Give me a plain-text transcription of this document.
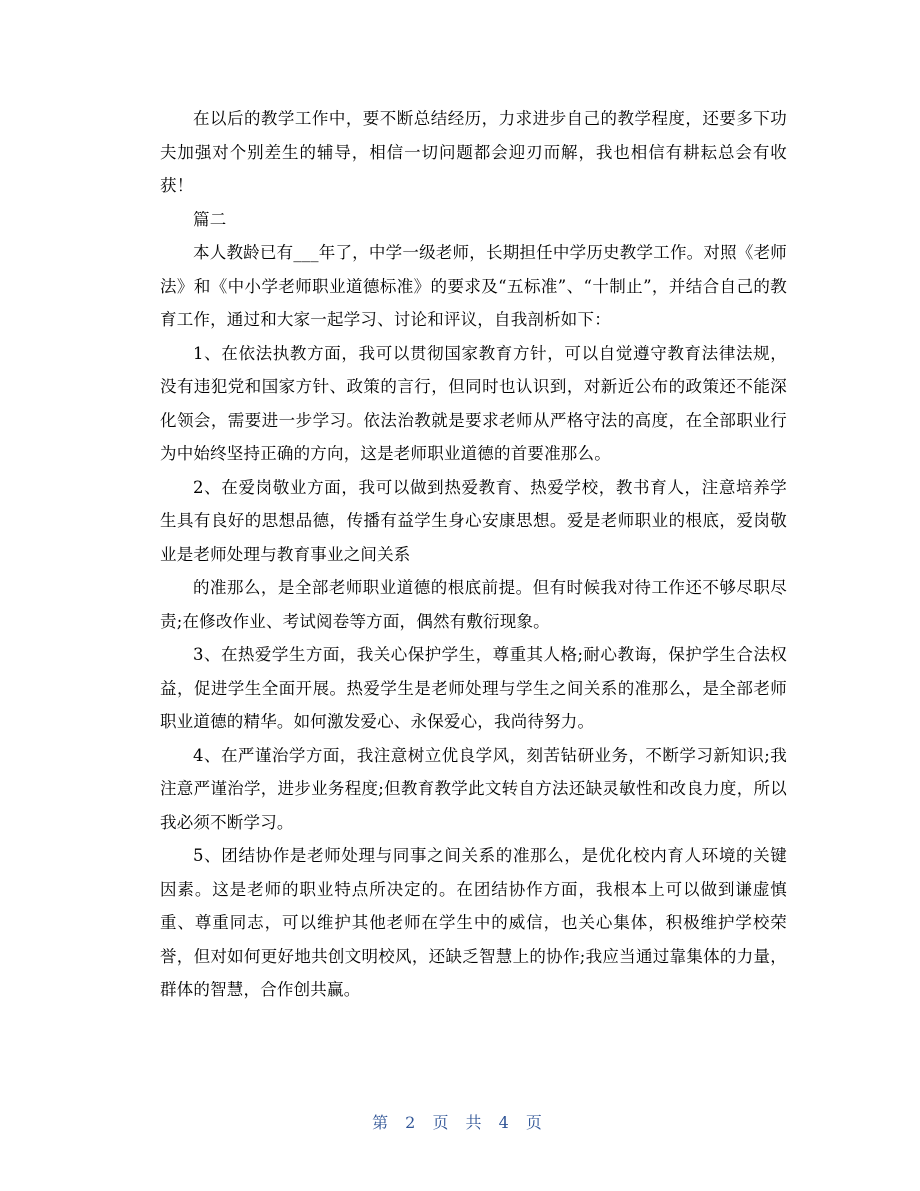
在以后的教学工作中，要不断总结经历，力求进步自己的教学程度，还要多下功夫加强对个别差生的辅导，相信一切问题都会迎刃而解，我也相信有耕耘总会有收获！

篇二

本人教龄已有___年了，中学一级老师，长期担任中学历史教学工作。对照《老师法》和《中小学老师职业道德标准》的要求及“五标准”、“十制止”，并结合自己的教育工作，通过和大家一起学习、讨论和评议，自我剖析如下：

1、在依法执教方面，我可以贯彻国家教育方针，可以自觉遵守教育法律法规，没有违犯党和国家方针、政策的言行，但同时也认识到，对新近公布的政策还不能深化领会，需要进一步学习。依法治教就是要求老师从严格守法的高度，在全部职业行为中始终坚持正确的方向，这是老师职业道德的首要准那么。

2、在爱岗敬业方面，我可以做到热爱教育、热爱学校，教书育人，注意培养学生具有良好的思想品德，传播有益学生身心安康思想。爱是老师职业的根底，爱岗敬业是老师处理与教育事业之间关系

的准那么，是全部老师职业道德的根底前提。但有时候我对待工作还不够尽职尽责;在修改作业、考试阅卷等方面，偶然有敷衍现象。

3、在热爱学生方面，我关心保护学生，尊重其人格;耐心教诲，保护学生合法权益，促进学生全面开展。热爱学生是老师处理与学生之间关系的准那么，是全部老师职业道德的精华。如何激发爱心、永保爱心，我尚待努力。

4、在严谨治学方面，我注意树立优良学风，刻苦钻研业务，不断学习新知识;我注意严谨治学，进步业务程度;但教育教学此文转自方法还缺灵敏性和改良力度，所以我必须不断学习。

5、团结协作是老师处理与同事之间关系的准那么，是优化校内育人环境的关键因素。这是老师的职业特点所决定的。在团结协作方面，我根本上可以做到谦虚慎重、尊重同志，可以维护其他老师在学生中的威信，也关心集体，积极维护学校荣誉，但对如何更好地共创文明校风，还缺乏智慧上的协作;我应当通过靠集体的力量，群体的智慧，合作创共赢。

第 2 页 共 4 页
